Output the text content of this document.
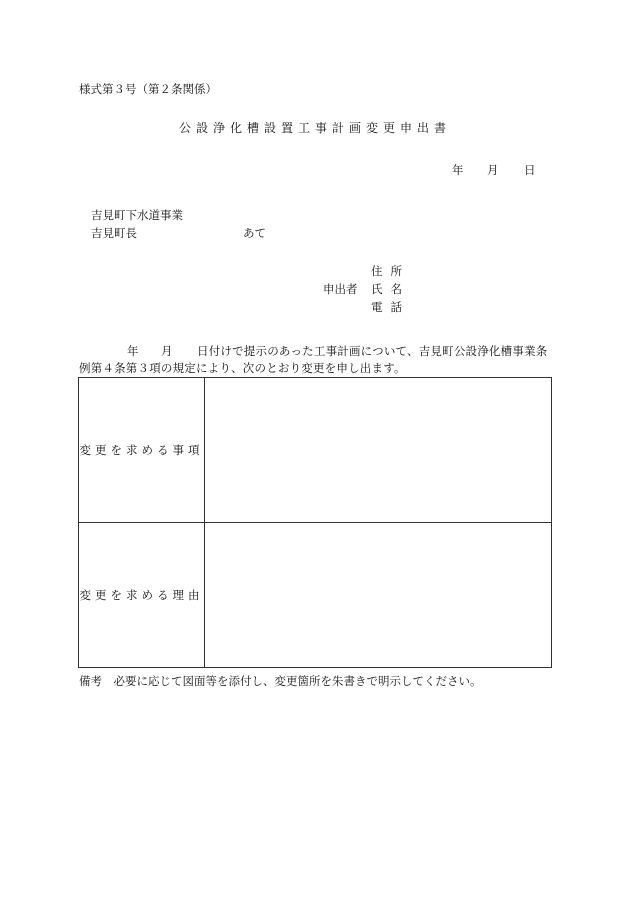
様式第３号（第２条関係）
公設浄化槽設置工事計画変更申出書
年 月 日
吉見町下水道事業
吉見町長	あて
住所
申出者 氏名
電話
年 月 日付けで提示のあった工事計画について、吉見町公設浄化槽事業条
例第４条第３項の規定により、次のとおり変更を申し出ます。
変更を求める事項	
変更を求める理由	
備考　必要に応じて図面等を添付し、変更箇所を朱書きで明示してください。
